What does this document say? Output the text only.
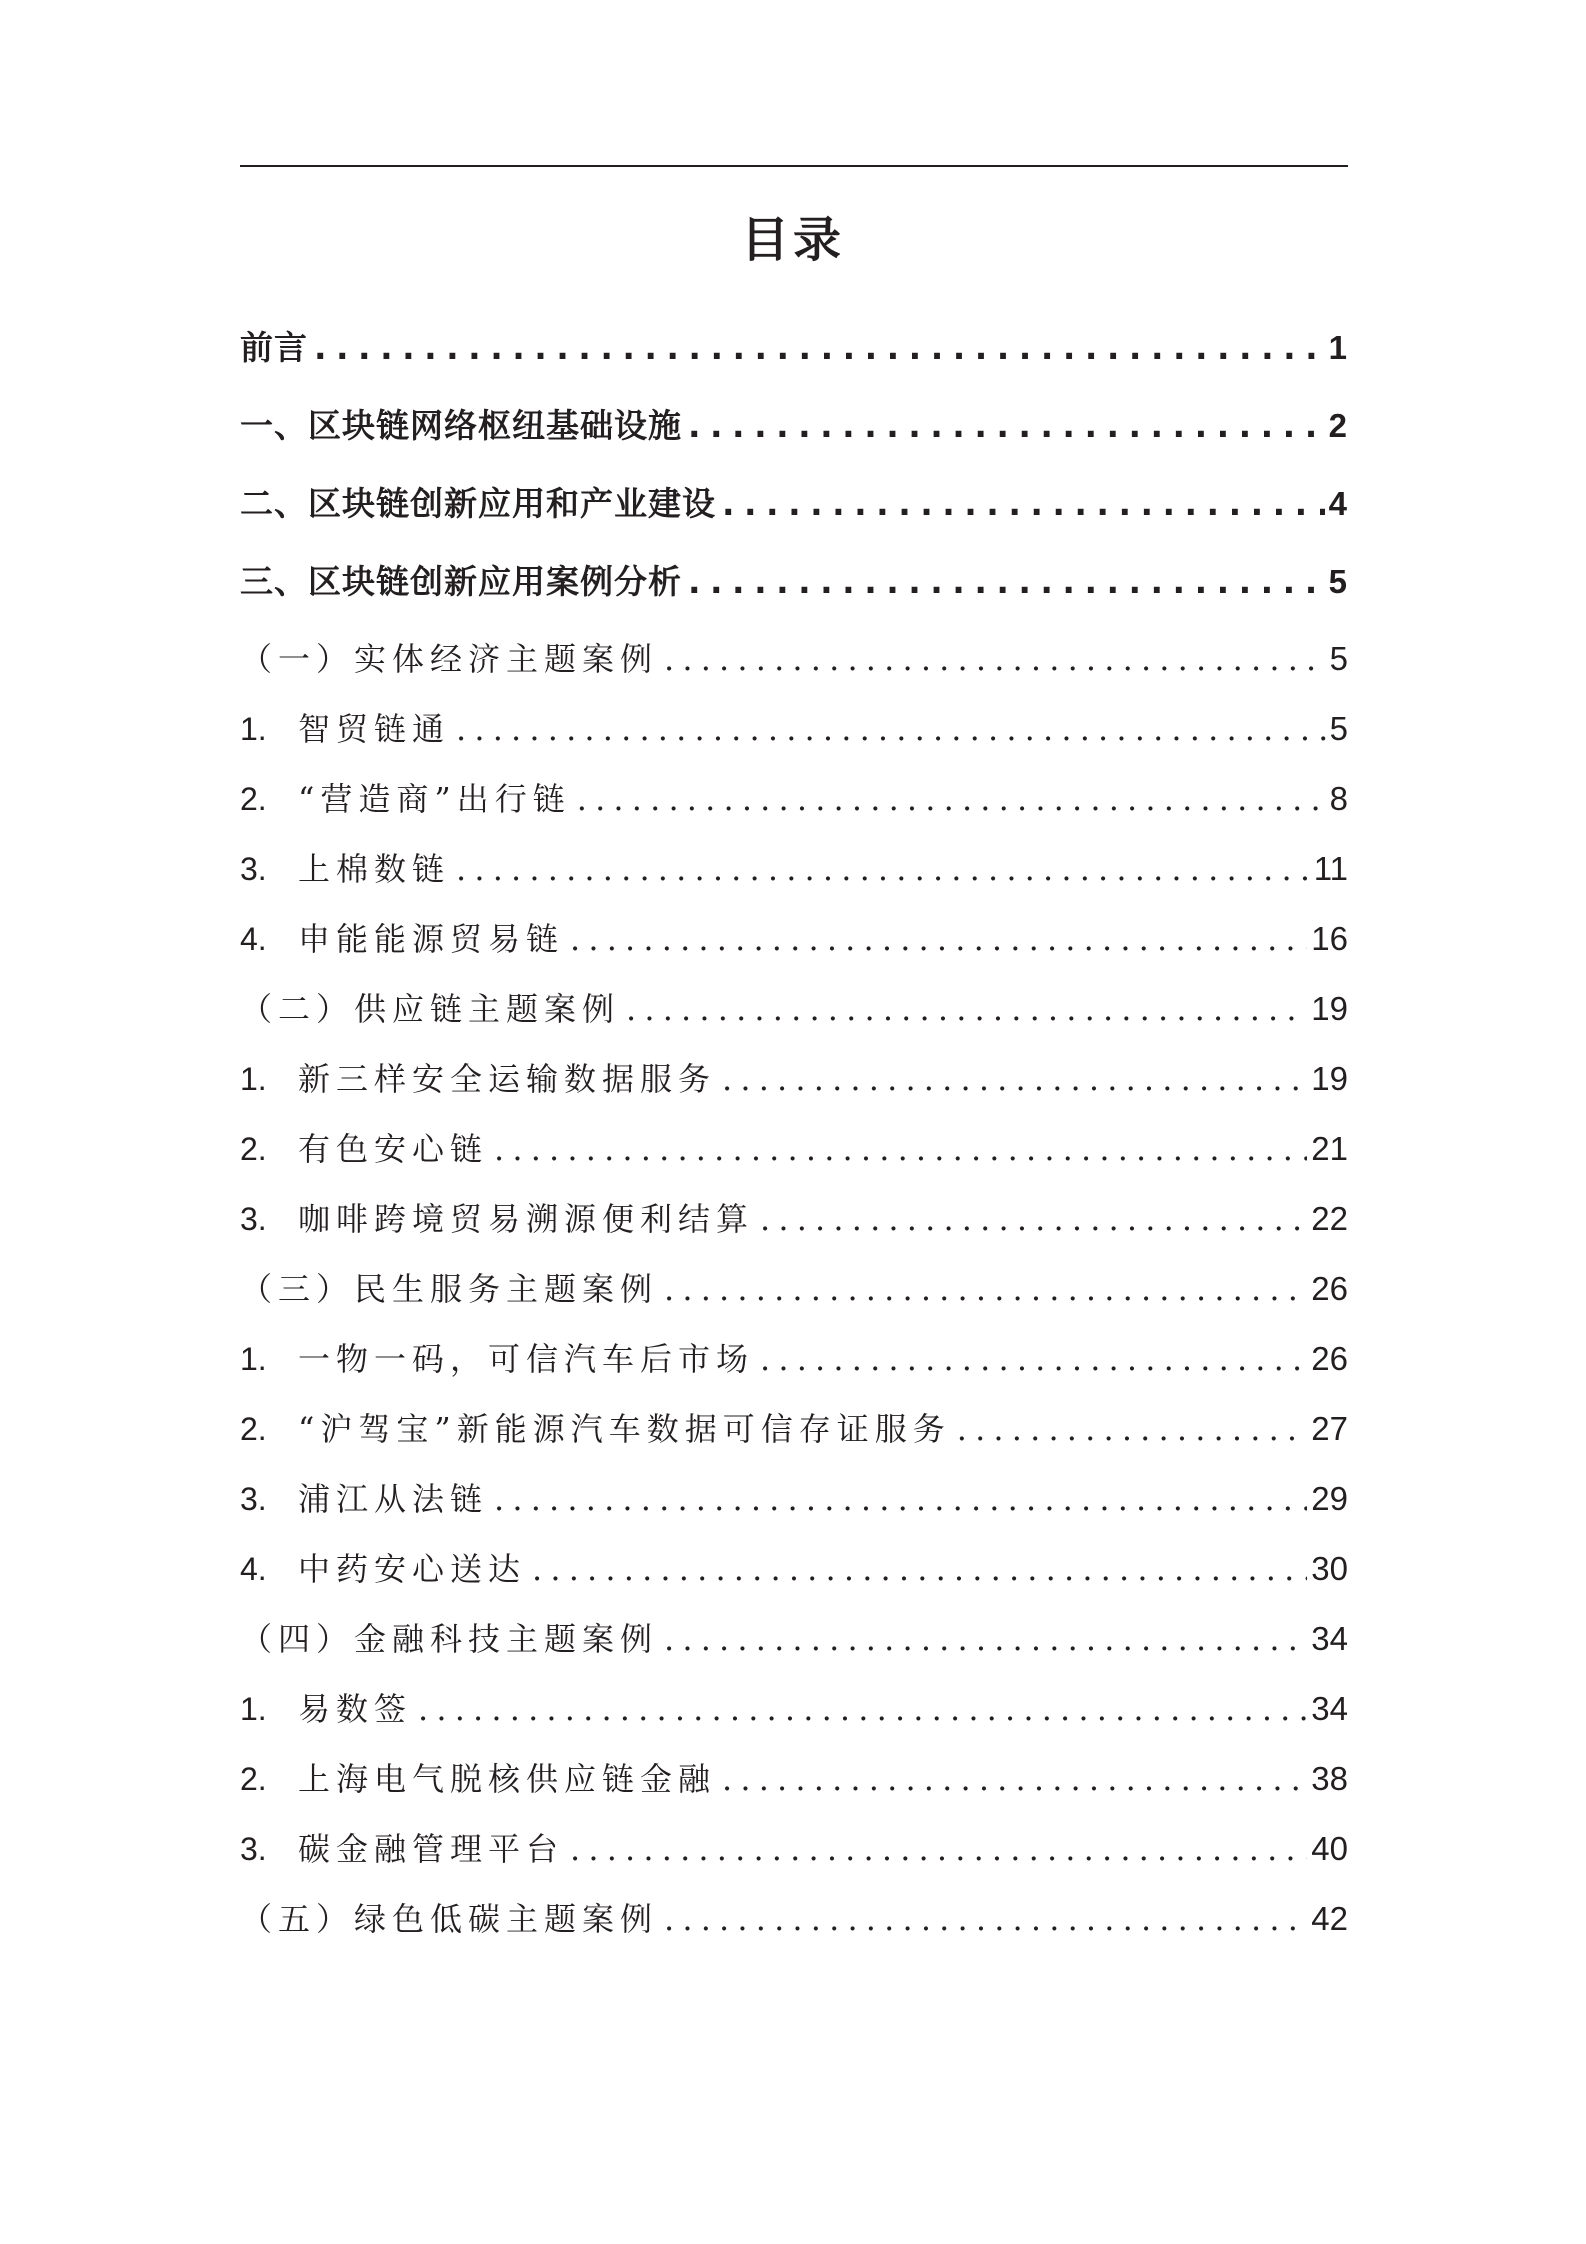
目录
前言 . . .	1
一、区块链网络枢纽基础设施 . . .	2
二、区块链创新应用和产业建设 . . .	4
三、区块链创新应用案例分析 . . .	5
（一）实体经济主题案例 . . .	5
1. 智贸链通 . . .	5
2. “营造商”出行链 . . .	8
3. 上棉数链 . . .	11
4. 申能能源贸易链 . . .	16
（二）供应链主题案例 . . .	19
1. 新三样安全运输数据服务 . . .	19
2. 有色安心链 . . .	21
3. 咖啡跨境贸易溯源便利结算 . . .	22
（三）民生服务主题案例 . . .	26
1. 一物一码，可信汽车后市场 . . .	26
2. “沪驾宝”新能源汽车数据可信存证服务 . . .	27
3. 浦江从法链 . . .	29
4. 中药安心送达 . . .	30
（四）金融科技主题案例 . . .	34
1. 易数签 . . .	34
2. 上海电气脱核供应链金融 . . .	38
3. 碳金融管理平台 . . .	40
（五）绿色低碳主题案例 . . .	42
